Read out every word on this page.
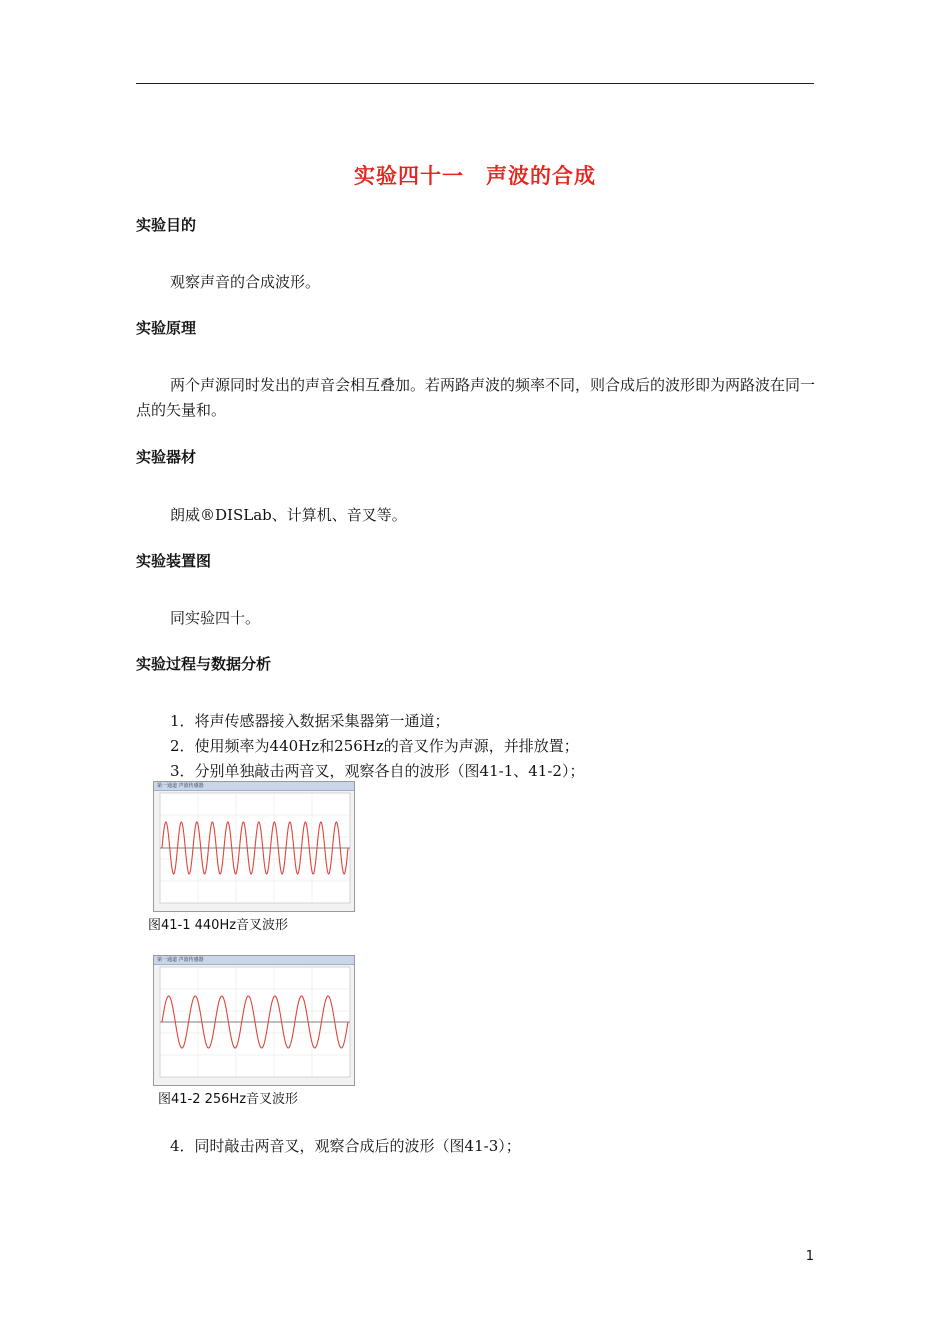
实验四十一　声波的合成
实验目的
观察声音的合成波形。
实验原理
两个声源同时发出的声音会相互叠加。若两路声波的频率不同，则合成后的波形即为两路波在同一点的矢量和。
实验器材
朗威®DISLab、计算机、音叉等。
实验装置图
同实验四十。
实验过程与数据分析
1．将声传感器接入数据采集器第一通道；
2．使用频率为440Hz和256Hz的音叉作为声源，并排放置；
3．分别单独敲击两音叉，观察各自的波形（图41-1、41-2）；
第一通道 声波传感器
图41-1 440Hz音叉波形
第一通道 声波传感器
图41-2 256Hz音叉波形
4．同时敲击两音叉，观察合成后的波形（图41-3）；
1
